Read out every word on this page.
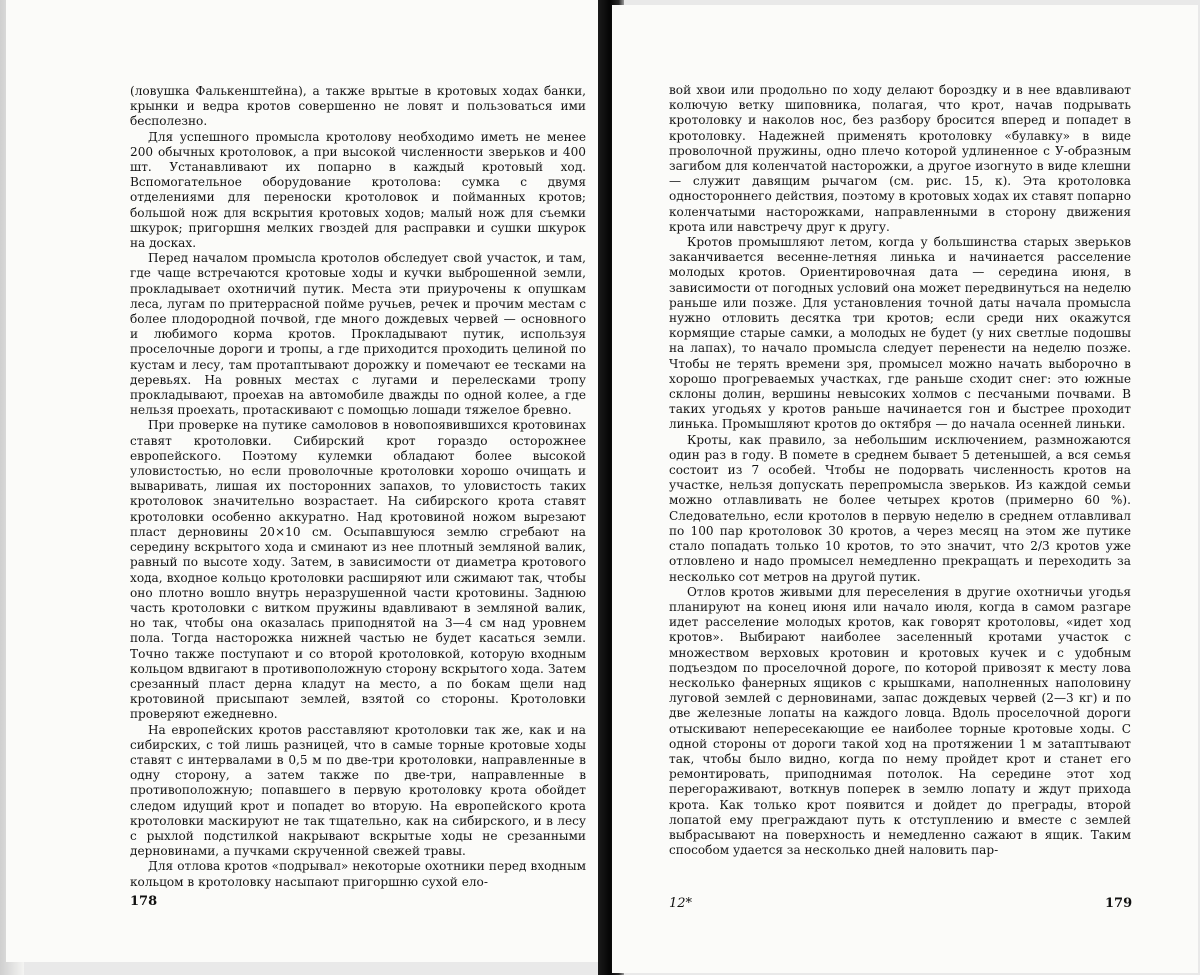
(ловушка Фалькенштейна), а также врытые в кротовых ходах банки, крынки и ведра кротов совершенно не ловят и пользоваться ими бесполезно.

Для успешного промысла кротолову необходимо иметь не менее 200 обычных кротоловок, а при высокой численности зверьков и 400 шт. Устанавливают их попарно в каждый кротовый ход. Вспомогательное оборудование кротолова: сумка с двумя отделениями для переноски кротоловок и пойманных кротов; большой нож для вскрытия кротовых ходов; малый нож для съемки шкурок; пригоршня мелких гвоздей для расправки и сушки шкурок на досках.

Перед началом промысла кротолов обследует свой участок, и там, где чаще встречаются кротовые ходы и кучки выброшенной земли, прокладывает охотничий путик. Места эти приурочены к опушкам леса, лугам по притеррасной пойме ручьев, речек и прочим местам с более плодородной почвой, где много дождевых червей — основного и любимого корма кротов. Прокладывают путик, используя проселочные дороги и тропы, а где приходится проходить целиной по кустам и лесу, там протаптывают дорожку и помечают ее тесками на деревьях. На ровных местах с лугами и перелесками тропу прокладывают, проехав на автомобиле дважды по одной колее, а где нельзя проехать, протаскивают с помощью лошади тяжелое бревно.

При проверке на путике самоловов в новопоявившихся кротовинах ставят кротоловки. Сибирский крот гораздо осторожнее европейского. Поэтому кулемки обладают более высокой уловистостью, но если проволочные кротоловки хорошо очищать и вываривать, лишая их посторонних запахов, то уловистость таких кротоловок значительно возрастает. На сибирского крота ставят кротоловки особенно аккуратно. Над кротовиной ножом вырезают пласт дерновины 20×10 см. Осыпавшуюся землю сгребают на середину вскрытого хода и сминают из нее плотный земляной валик, равный по высоте ходу. Затем, в зависимости от диаметра кротового хода, входное кольцо кротоловки расширяют или сжимают так, чтобы оно плотно вошло внутрь неразрушенной части кротовины. Заднюю часть кротоловки с витком пружины вдавливают в земляной валик, но так, чтобы она оказалась приподнятой на 3—4 см над уровнем пола. Тогда насторожка нижней частью не будет касаться земли. Точно также поступают и со второй кротоловкой, которую входным кольцом вдвигают в противоположную сторону вскрытого хода. Затем срезанный пласт дерна кладут на место, а по бокам щели над кротовиной присыпают землей, взятой со стороны. Кротоловки проверяют ежедневно.

На европейских кротов расставляют кротоловки так же, как и на сибирских, с той лишь разницей, что в самые торные кротовые ходы ставят с интервалами в 0,5 м по две-три кротоловки, направленные в одну сторону, а затем также по две-три, направленные в противоположную; попавшего в первую кротоловку крота обойдет следом идущий крот и попадет во вторую. На европейского крота кротоловки маскируют не так тщательно, как на сибирского, и в лесу с рыхлой подстилкой накрывают вскрытые ходы не срезанными дерновинами, а пучками скрученной свежей травы.

Для отлова кротов «подрывал» некоторые охотники перед входным кольцом в кротоловку насыпают пригоршню сухой ело-

178

вой хвои или продольно по ходу делают бороздку и в нее вдавливают колючую ветку шиповника, полагая, что крот, начав подрывать кротоловку и наколов нос, без разбору бросится вперед и попадет в кротоловку. Надежней применять кротоловку «булавку» в виде проволочной пружины, одно плечо которой удлиненное с У-образным загибом для коленчатой насторожки, а другое изогнуто в виде клешни — служит давящим рычагом (см. рис. 15, к). Эта кротоловка одностороннего действия, поэтому в кротовых ходах их ставят попарно коленчатыми насторожками, направленными в сторону движения крота или навстречу друг к другу.

Кротов промышляют летом, когда у большинства старых зверьков заканчивается весенне-летняя линька и начинается расселение молодых кротов. Ориентировочная дата — середина июня, в зависимости от погодных условий она может передвинуться на неделю раньше или позже. Для установления точной даты начала промысла нужно отловить десятка три кротов; если среди них окажутся кормящие старые самки, а молодых не будет (у них светлые подошвы на лапах), то начало промысла следует перенести на неделю позже. Чтобы не терять времени зря, промысел можно начать выборочно в хорошо прогреваемых участках, где раньше сходит снег: это южные склоны долин, вершины невысоких холмов с песчаными почвами. В таких угодьях у кротов раньше начинается гон и быстрее проходит линька. Промышляют кротов до октября — до начала осенней линьки.

Кроты, как правило, за небольшим исключением, размножаются один раз в году. В помете в среднем бывает 5 детенышей, а вся семья состоит из 7 особей. Чтобы не подорвать численность кротов на участке, нельзя допускать перепромысла зверьков. Из каждой семьи можно отлавливать не более четырех кротов (примерно 60 %). Следовательно, если кротолов в первую неделю в среднем отлавливал по 100 пар кротоловок 30 кротов, а через месяц на этом же путике стало попадать только 10 кротов, то это значит, что 2/3 кротов уже отловлено и надо промысел немедленно прекращать и переходить за несколько сот метров на другой путик.

Отлов кротов живыми для переселения в другие охотничьи угодья планируют на конец июня или начало июля, когда в самом разгаре идет расселение молодых кротов, как говорят кротоловы, «идет ход кротов». Выбирают наиболее заселенный кротами участок с множеством верховых кротовин и кротовых кучек и с удобным подъездом по проселочной дороге, по которой привозят к месту лова несколько фанерных ящиков с крышками, наполненных наполовину луговой землей с дерновинами, запас дождевых червей (2—3 кг) и по две железные лопаты на каждого ловца. Вдоль проселочной дороги отыскивают непересекающие ее наиболее торные кротовые ходы. С одной стороны от дороги такой ход на протяжении 1 м затаптывают так, чтобы было видно, когда по нему пройдет крот и станет его ремонтировать, приподнимая потолок. На середине этот ход перегораживают, воткнув поперек в землю лопату и ждут прихода крота. Как только крот появится и дойдет до преграды, второй лопатой ему преграждают путь к отступлению и вместе с землей выбрасывают на поверхность и немедленно сажают в ящик. Таким способом удается за несколько дней наловить пар-

12*	179
